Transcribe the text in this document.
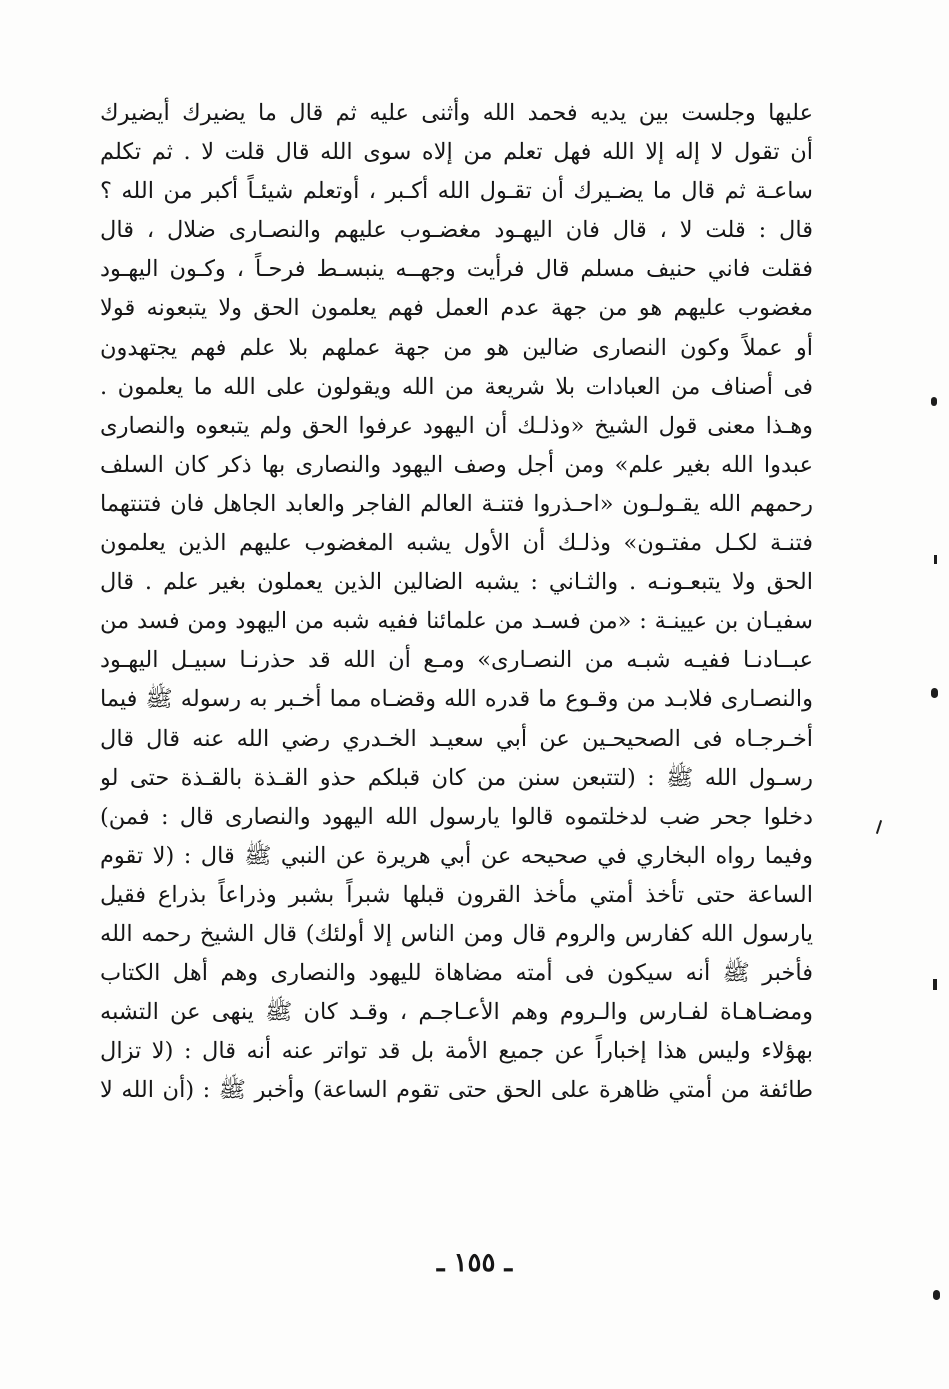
عليها وجلست بين يديه فحمد الله وأثنى عليه ثم قال ما يضيرك أيضيرك
أن تقول لا إله إلا الله فهل تعلم من إلاه سوى الله قال قلت لا . ثم تكلم
ساعـة ثم قال ما يضـيرك أن تقـول الله أكـبر ، أوتعلم شيئـاً أكبر من الله ؟
قال : قلت لا ، قال فان اليهـود مغضـوب عليهم والنصـارى ضلال ، قال
فقلت فاني حنيف مسلم قال فرأيت وجهــه ينبسـط فرحـاً ، وكـون اليهـود
مغضوب عليهم هو من جهة عدم العمل فهم يعلمون الحق ولا يتبعونه قولا
أو عملاً وكون النصارى ضالين هو من جهة عملهم بلا علم فهم يجتهدون
فى أصناف من العبادات بلا شريعة من الله ويقولون على الله ما يعلمون .
وهـذا معنى قول الشيخ «وذلـك أن اليهود عرفوا الحق ولم يتبعوه والنصارى
عبدوا الله بغير علم» ومن أجل وصف اليهود والنصارى بها ذكر كان السلف
رحمهم الله يقـولـون «احـذروا فتنـة العالم الفاجر والعابد الجاهل فان فتنتهما
فتنـة لكـل مفتـون» وذلـك أن الأول يشبه المغضوب عليهم الذين يعلمون
الحق ولا يتبعـونـه . والثـاني : يشبه الضالين الذين يعملون بغير علم . قال
سفيـان بن عيينـة : «من فسـد من علمائنا ففيه شبه من اليهود ومن فسد من
عبــادنـا ففيـه شبـه من النصـارى» ومـع أن الله قد حذرنـا سبيـل اليهـود
والنصـارى فلابـد من وقـوع ما قدره الله وقضـاه مما أخـبر به رسوله ﷺ فيما
أخـرجـاه فى الصحيحـين عن أبي سعيـد الخـدري رضي الله عنه قال قال
رسـول الله ﷺ : (لتتبعن سنن من كان قبلكم حذو القـذة بالقـذة حتى لو
دخلوا جحر ضب لدخلتموه قالوا يارسول الله اليهود والنصارى قال : فمن)
وفيما رواه البخاري في صحيحه عن أبي هريرة عن النبي ﷺ قال : (لا تقوم
الساعة حتى تأخذ أمتي مأخذ القرون قبلها شبراً بشبر وذراعاً بذراع فقيل
يارسول الله كفارس والروم قال ومن الناس إلا أولئك) قال الشيخ رحمه الله
فأخبر ﷺ أنه سيكون فى أمته مضاهاة لليهود والنصارى وهم أهل الكتاب
ومضـاهـاة لفـارس والـروم وهم الأعـاجـم ، وقـد كان ﷺ ينهى عن التشبه
بهؤلاء وليس هذا إخباراً عن جميع الأمة بل قد تواتر عنه أنه قال : (لا تزال
طائفة من أمتي ظاهرة على الحق حتى تقوم الساعة) وأخبر ﷺ : (أن الله لا
ـ ١٥٥ ـ
